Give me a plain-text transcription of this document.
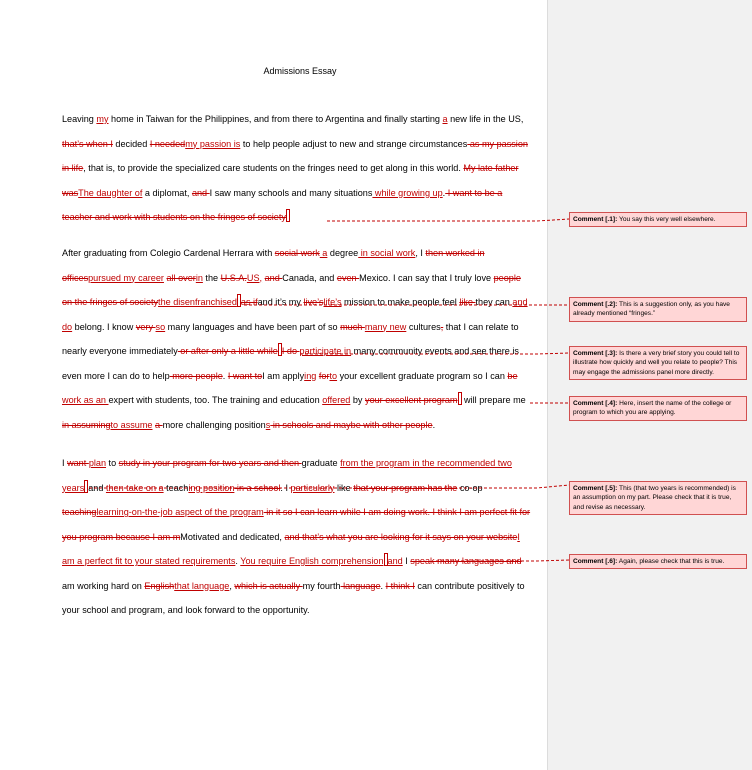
Admissions Essay
Leaving my home in Taiwan for the Philippines, and from there to Argentina and finally starting a new life in the US, that’s when I decided I neededmy passion is to help people adjust to new and strange circumstances as my passion in life, that is, to provide the specialized care students on the fringes need to get along in this world. My late father wasThe daughter of a diplomat, and I saw many schools and many situations while growing up. I want to be a teacher and work with students on the fringes of society
After graduating from Colegio Cardenal Herrara with social work a degree in social work, I then worked in officespursued my career all overin the U.S.A.US, and Canada, and even Mexico. I can say that I truly love people on the fringes of societythe disenfranchised as ifand it’s my live’slife’s mission to make people feel like they can and do belong. I know very so many languages and have been part of so much many new cultures, that I can relate to nearly everyone immediately or after only a little while I do participate in many community events and see there is even more I can do to help more people. I want toI am applying forto your excellent graduate program so I can be work as an expert with students, too. The training and education offered by your excellent program will prepare me in assumingto assume a more challenging positions in schools and maybe with other people.
I want plan to study in your program for two years and then graduate from the program in the recommended two years and then take on a teaching position in a school. I particularly like that your program has the co-op teachinglearning-on-the-job aspect of the program in it so I can learn while I am doing work. I think I am perfect fit for you program because I am mMotivated and dedicated, and that’s what you are looking for it says on your websiteI am a perfect fit to your stated requirements. You require English comprehension and I speak many languages and am working hard on Englishthat language, which is actually my fourth language. I think I can contribute positively to your school and program, and look forward to the opportunity.
Comment [.1]: You say this very well elsewhere.
Comment [.2]: This is a suggestion only, as you have already mentioned “fringes.”
Comment [.3]: Is there a very brief story you could tell to illustrate how quickly and well you relate to people? This may engage the admissions panel more directly.
Comment [.4]: Here, insert the name of the college or program to which you are applying.
Comment [.5]: This (that two years is recommended) is an assumption on my part. Please check that it is true, and revise as necessary.
Comment [.6]: Again, please check that this is true.
